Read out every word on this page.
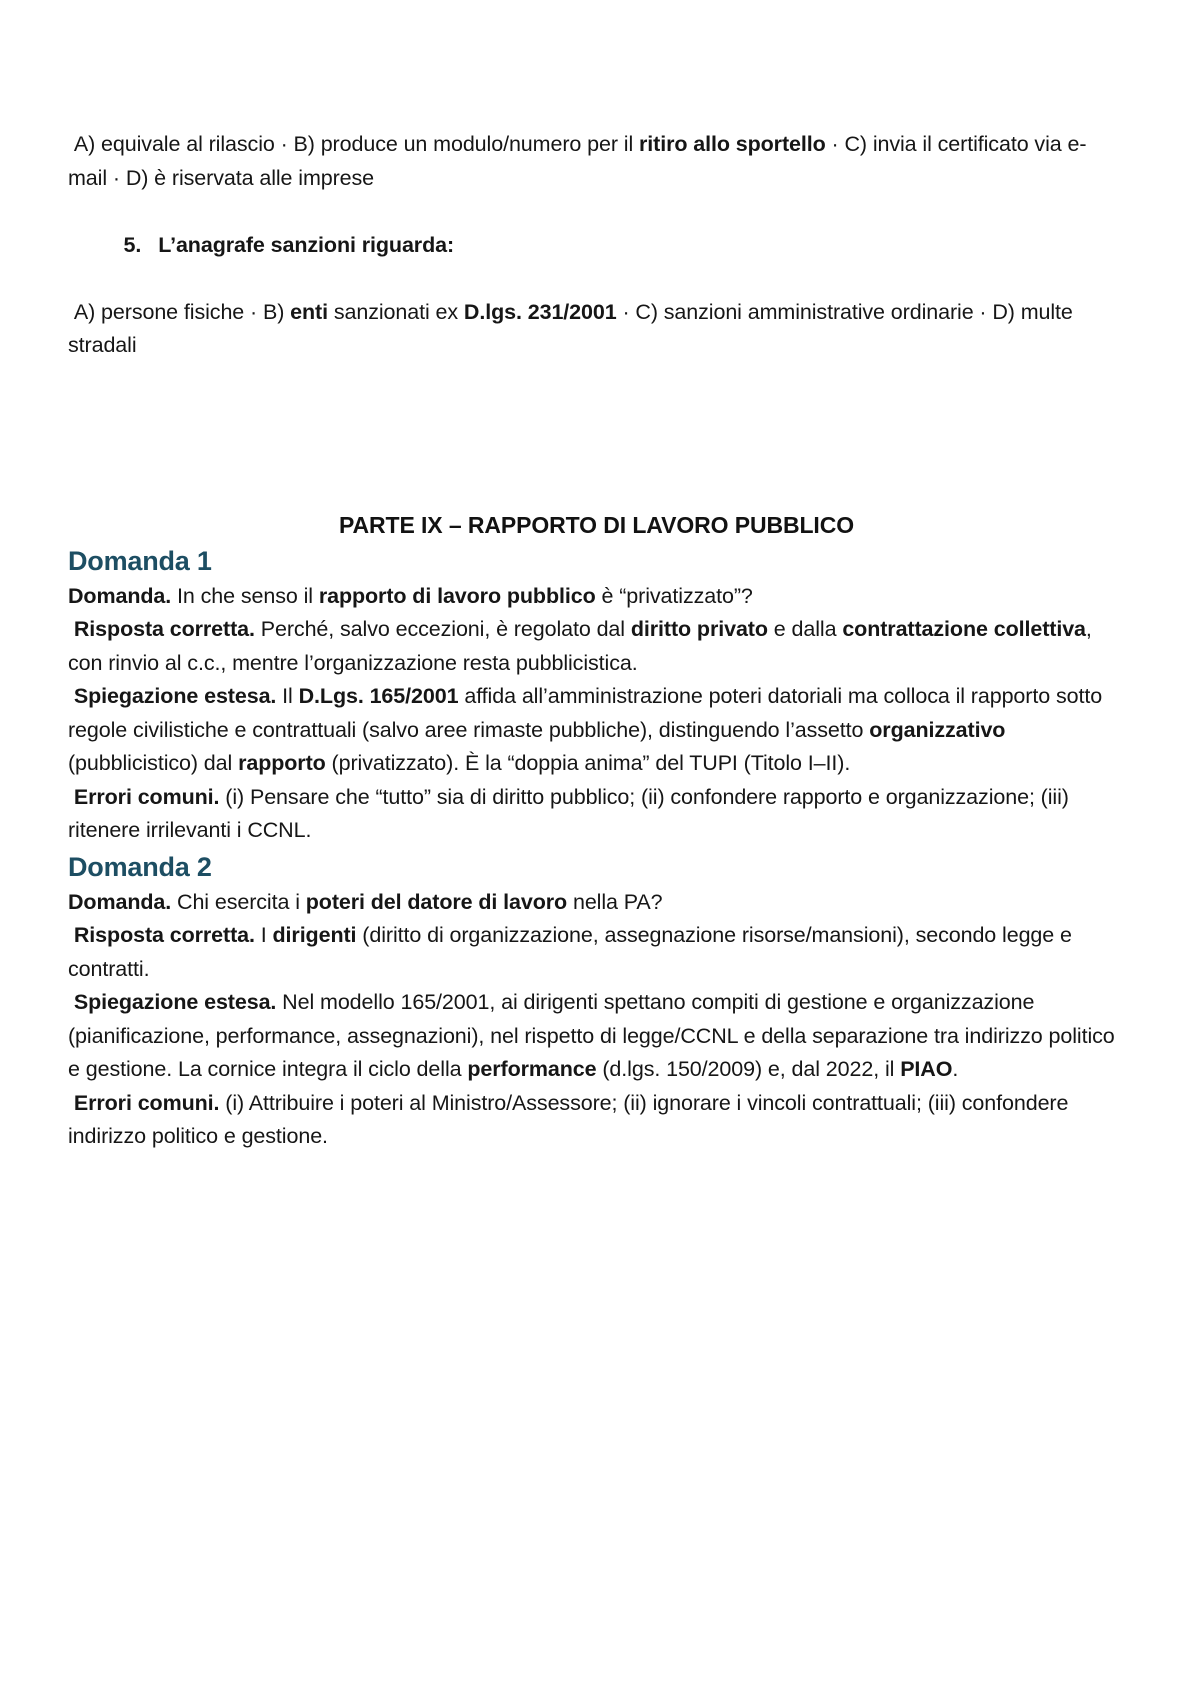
A) equivale al rilascio · B) produce un modulo/numero per il ritiro allo sportello · C) invia il certificato via e-mail · D) è riservata alle imprese

5. L’anagrafe sanzioni riguarda:

A) persone fisiche · B) enti sanzionati ex D.lgs. 231/2001 · C) sanzioni amministrative ordinarie · D) multe stradali

PARTE IX – RAPPORTO DI LAVORO PUBBLICO

Domanda 1

Domanda. In che senso il rapporto di lavoro pubblico è “privatizzato”?

Risposta corretta. Perché, salvo eccezioni, è regolato dal diritto privato e dalla contrattazione collettiva, con rinvio al c.c., mentre l’organizzazione resta pubblicistica.

Spiegazione estesa. Il D.Lgs. 165/2001 affida all’amministrazione poteri datoriali ma colloca il rapporto sotto regole civilistiche e contrattuali (salvo aree rimaste pubbliche), distinguendo l’assetto organizzativo (pubblicistico) dal rapporto (privatizzato). È la “doppia anima” del TUPI (Titolo I–II).

Errori comuni. (i) Pensare che “tutto” sia di diritto pubblico; (ii) confondere rapporto e organizzazione; (iii) ritenere irrilevanti i CCNL.

Domanda 2

Domanda. Chi esercita i poteri del datore di lavoro nella PA?

Risposta corretta. I dirigenti (diritto di organizzazione, assegnazione risorse/mansioni), secondo legge e contratti.

Spiegazione estesa. Nel modello 165/2001, ai dirigenti spettano compiti di gestione e organizzazione (pianificazione, performance, assegnazioni), nel rispetto di legge/CCNL e della separazione tra indirizzo politico e gestione. La cornice integra il ciclo della performance (d.lgs. 150/2009) e, dal 2022, il PIAO.

Errori comuni. (i) Attribuire i poteri al Ministro/Assessore; (ii) ignorare i vincoli contrattuali; (iii) confondere indirizzo politico e gestione.
